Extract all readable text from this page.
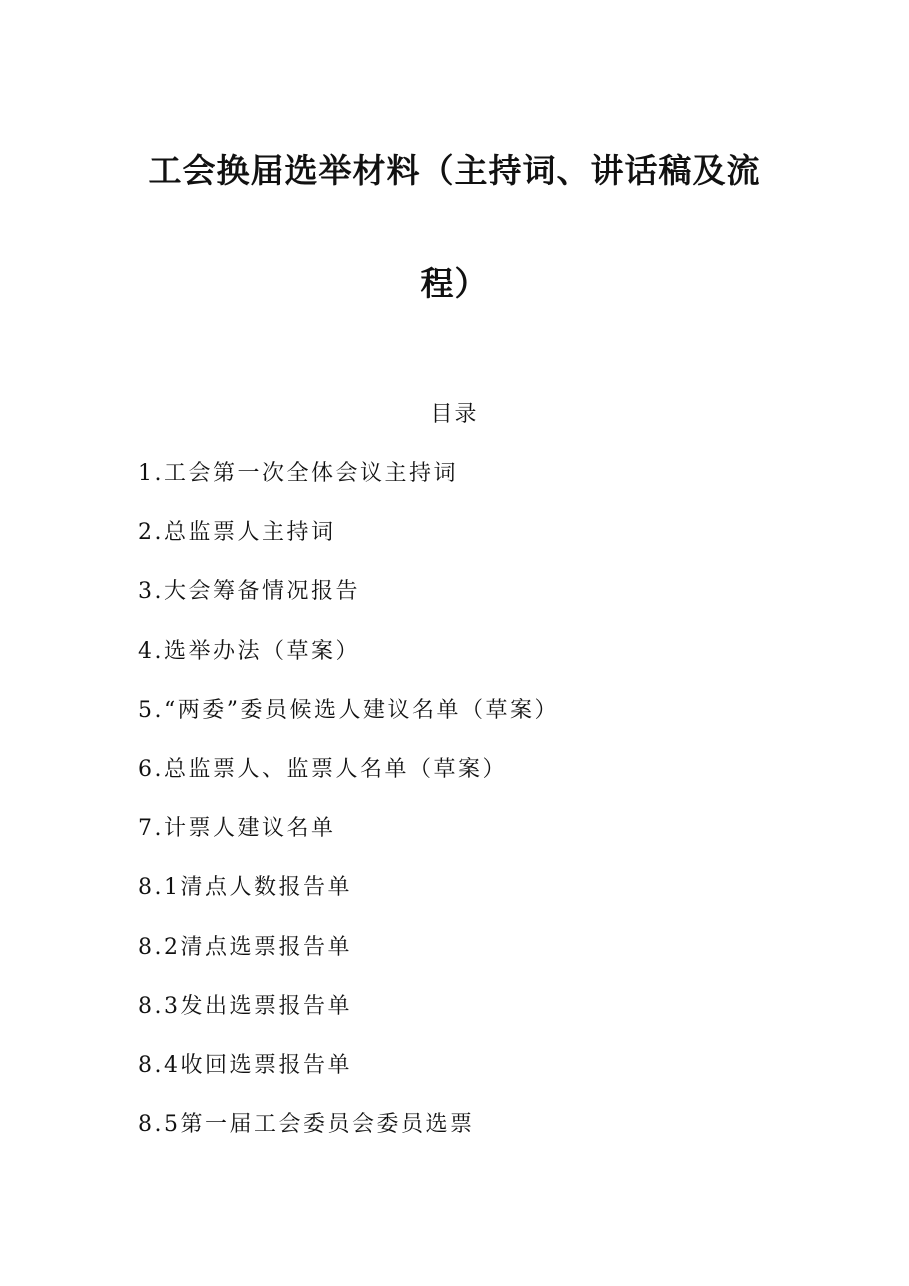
工会换届选举材料（主持词、讲话稿及流
程）
目录
1.工会第一次全体会议主持词
2.总监票人主持词
3.大会筹备情况报告
4.选举办法（草案）
5.“两委”委员候选人建议名单（草案）
6.总监票人、监票人名单（草案）
7.计票人建议名单
8.1清点人数报告单
8.2清点选票报告单
8.3发出选票报告单
8.4收回选票报告单
8.5第一届工会委员会委员选票
